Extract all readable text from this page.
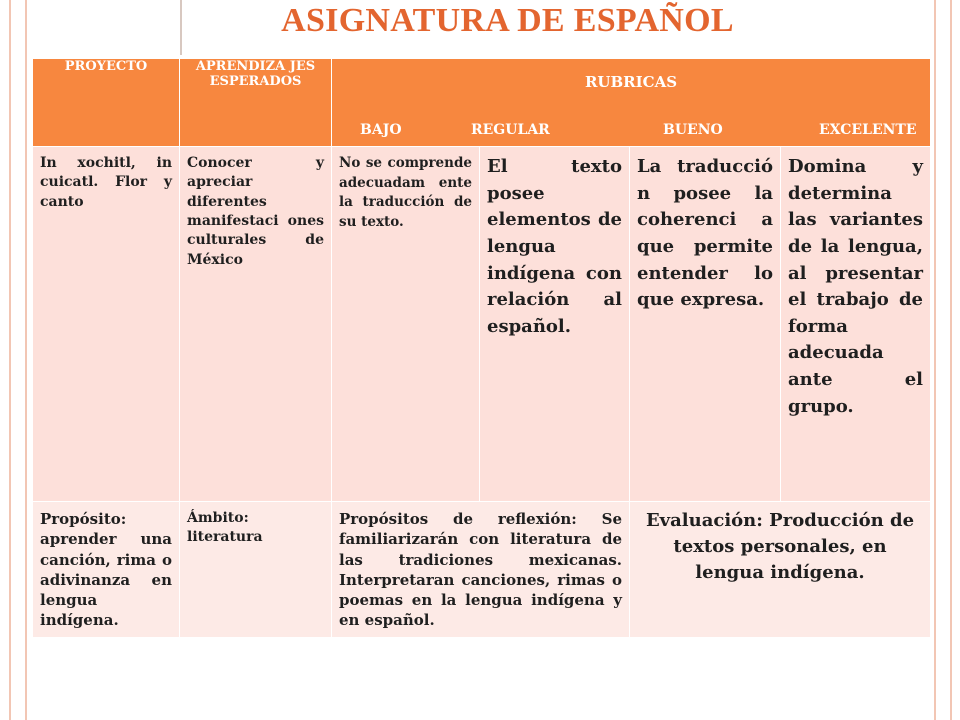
ASIGNATURA DE ESPAÑOL
PROYECTO	APRENDIZA JES ESPERADOS	RUBRICAS
BAJO REGULAR BUENO EXCELENTE			

In xochitl, in cuicatl. Flor y canto	Conocer y apreciar diferentes manifestaci ones culturales de México	No se comprende adecuadam ente la traducción de su texto.	El texto posee elementos de lengua indígena con relación al español.	La traducció n posee la coherenci a que permite entender lo que expresa.	Domina y determina las variantes de la lengua, al presentar el trabajo de forma adecuada ante el grupo.
Propósito: aprender una canción, rima o adivinanza en lengua indígena.	Ámbito: literatura	Propósitos de reflexión: Se familiarizarán con literatura de las tradiciones mexicanas. Interpretaran canciones, rimas o poemas en la lengua indígena y en español.		Evaluación: Producción de textos personales, en lengua indígena.	
